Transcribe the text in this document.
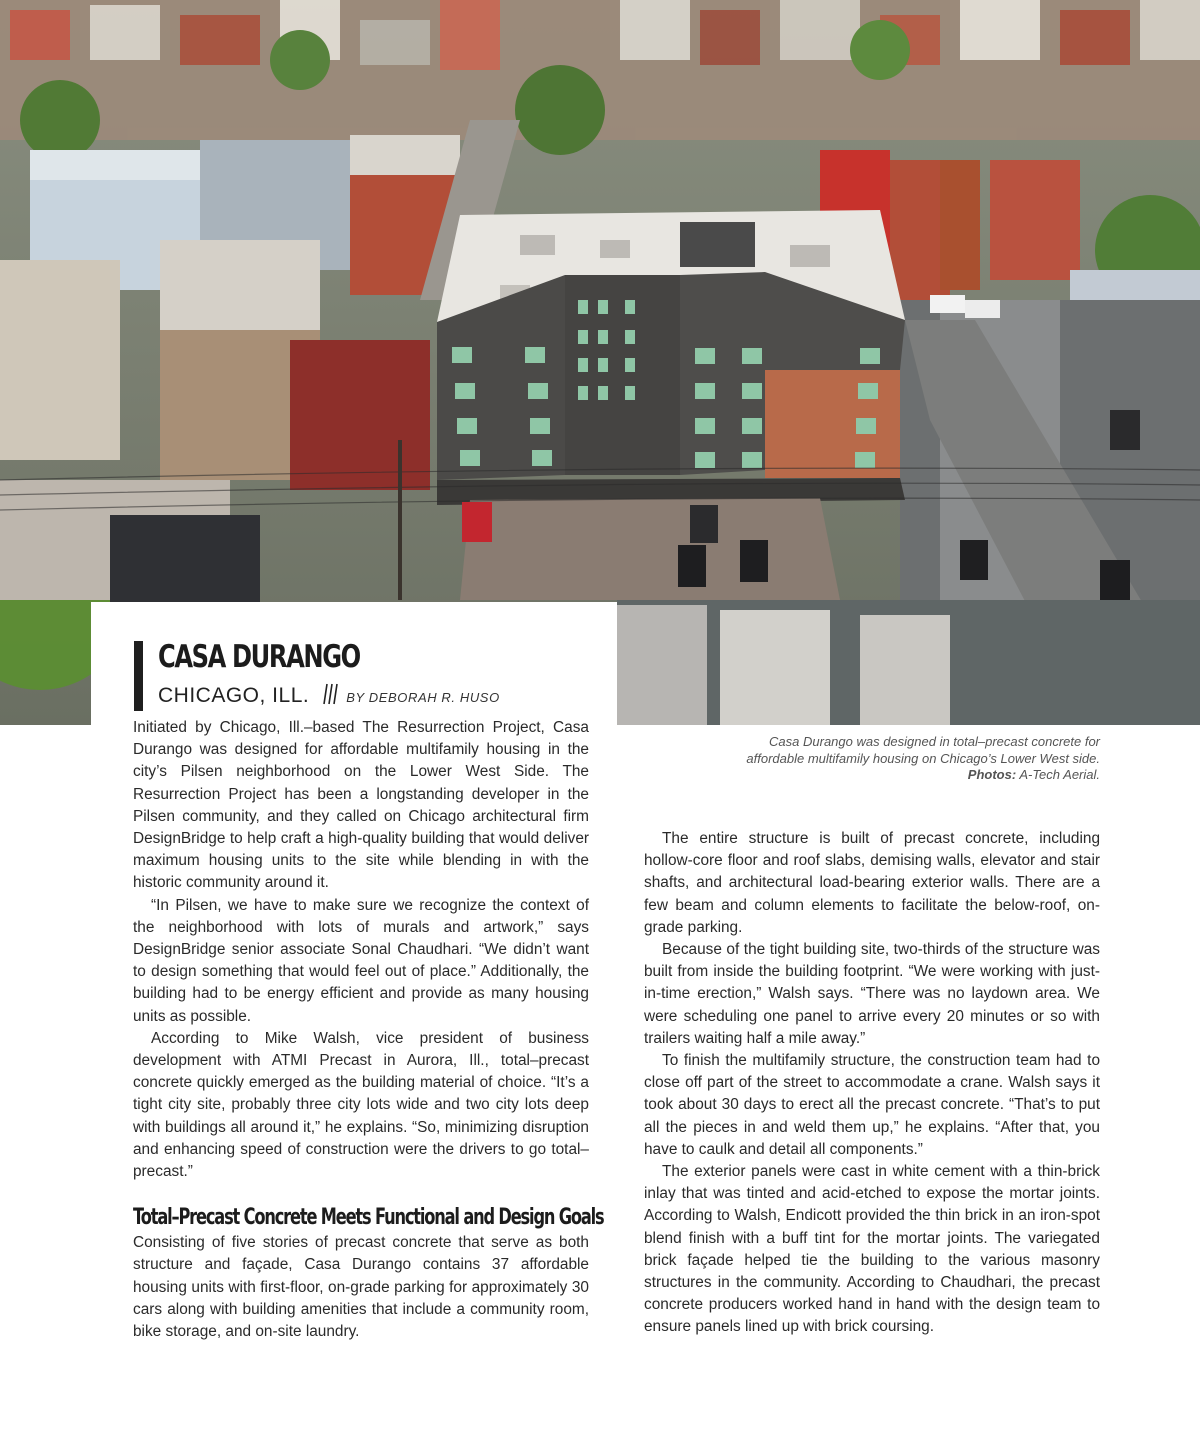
CASA DURANGO
CHICAGO, ILL.	BY DEBORAH R. HUSO
Casa Durango was designed in total–precast concrete for
affordable multifamily housing on Chicago’s Lower West side.
Photos: A-Tech Aerial.

Initiated by Chicago, Ill.–based The Resurrection Project, Casa Durango was designed for affordable multifamily housing in the city’s Pilsen neighborhood on the Lower West Side. The Resurrection Project has been a longstanding developer in the Pilsen community, and they called on Chicago architectural firm DesignBridge to help craft a high-quality building that would deliver maximum housing units to the site while blending in with the historic community around it.

“In Pilsen, we have to make sure we recognize the context of the neighborhood with lots of murals and artwork,” says DesignBridge senior associate Sonal Chaudhari. “We didn’t want to design something that would feel out of place.” Additionally, the building had to be energy efficient and provide as many housing units as possible.

According to Mike Walsh, vice president of business development with ATMI Precast in Aurora, Ill., total–precast concrete quickly emerged as the building material of choice. “It’s a tight city site, probably three city lots wide and two city lots deep with buildings all around it,” he explains. “So, minimizing disruption and enhancing speed of construction were the drivers to go total–precast.”

Total–Precast Concrete Meets Functional and Design Goals

Consisting of five stories of precast concrete that serve as both structure and façade, Casa Durango contains 37 affordable housing units with first-floor, on-grade parking for approximately 30 cars along with building amenities that include a community room, bike storage, and on-site laundry.

The entire structure is built of precast concrete, including hollow-core floor and roof slabs, demising walls, elevator and stair shafts, and architectural load-bearing exterior walls. There are a few beam and column elements to facilitate the below-roof, on-grade parking.

Because of the tight building site, two-thirds of the structure was built from inside the building footprint. “We were working with just-in-time erection,” Walsh says. “There was no laydown area. We were scheduling one panel to arrive every 20 minutes or so with trailers waiting half a mile away.”

To finish the multifamily structure, the construction team had to close off part of the street to accommodate a crane. Walsh says it took about 30 days to erect all the precast concrete. “That’s to put all the pieces in and weld them up,” he explains. “After that, you have to caulk and detail all components.”

The exterior panels were cast in white cement with a thin-brick inlay that was tinted and acid-etched to expose the mortar joints. According to Walsh, Endicott provided the thin brick in an iron-spot blend finish with a buff tint for the mortar joints. The variegated brick façade helped tie the building to the various masonry structures in the community. According to Chaudhari, the precast concrete producers worked hand in hand with the design team to ensure panels lined up with brick coursing.
